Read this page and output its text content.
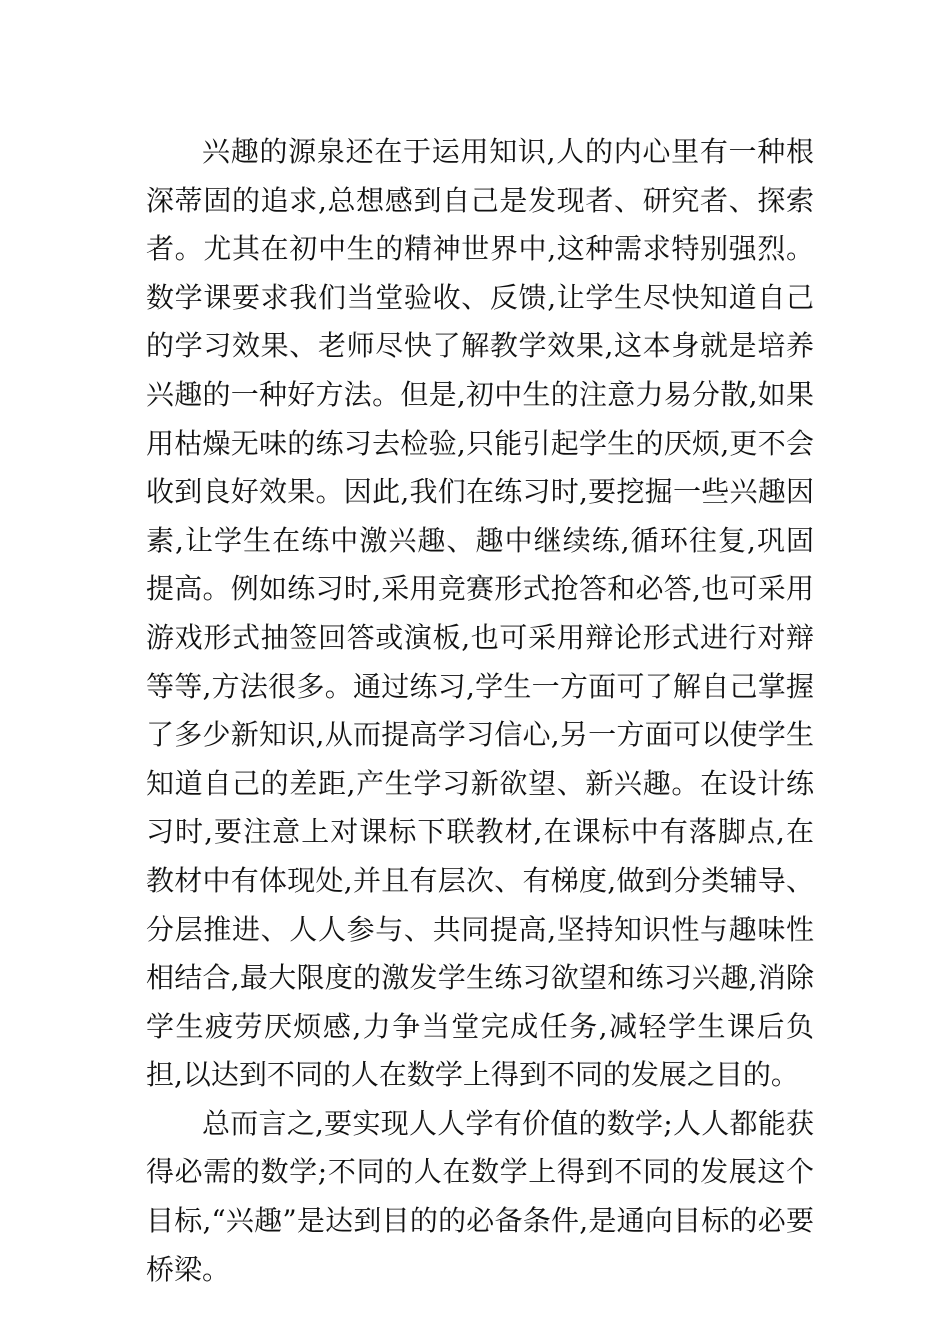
兴趣的源泉还在于运用知识,人的内心里有一种根深蒂固的追求,总想感到自己是发现者、研究者、探索者。尤其在初中生的精神世界中,这种需求特别强烈。数学课要求我们当堂验收、反馈,让学生尽快知道自己的学习效果、老师尽快了解教学效果,这本身就是培养兴趣的一种好方法。但是,初中生的注意力易分散,如果用枯燥无味的练习去检验,只能引起学生的厌烦,更不会收到良好效果。因此,我们在练习时,要挖掘一些兴趣因素,让学生在练中激兴趣、趣中继续练,循环往复,巩固提高。例如练习时,采用竞赛形式抢答和必答,也可采用游戏形式抽签回答或演板,也可采用辩论形式进行对辩等等,方法很多。通过练习,学生一方面可了解自己掌握了多少新知识,从而提高学习信心,另一方面可以使学生知道自己的差距,产生学习新欲望、新兴趣。在设计练习时,要注意上对课标下联教材,在课标中有落脚点,在教材中有体现处,并且有层次、有梯度,做到分类辅导、分层推进、人人参与、共同提高,坚持知识性与趣味性相结合,最大限度的激发学生练习欲望和练习兴趣,消除学生疲劳厌烦感,力争当堂完成任务,减轻学生课后负担,以达到不同的人在数学上得到不同的发展之目的。

总而言之,要实现人人学有价值的数学;人人都能获得必需的数学;不同的人在数学上得到不同的发展这个目标,“兴趣”是达到目的的必备条件,是通向目标的必要桥梁。
